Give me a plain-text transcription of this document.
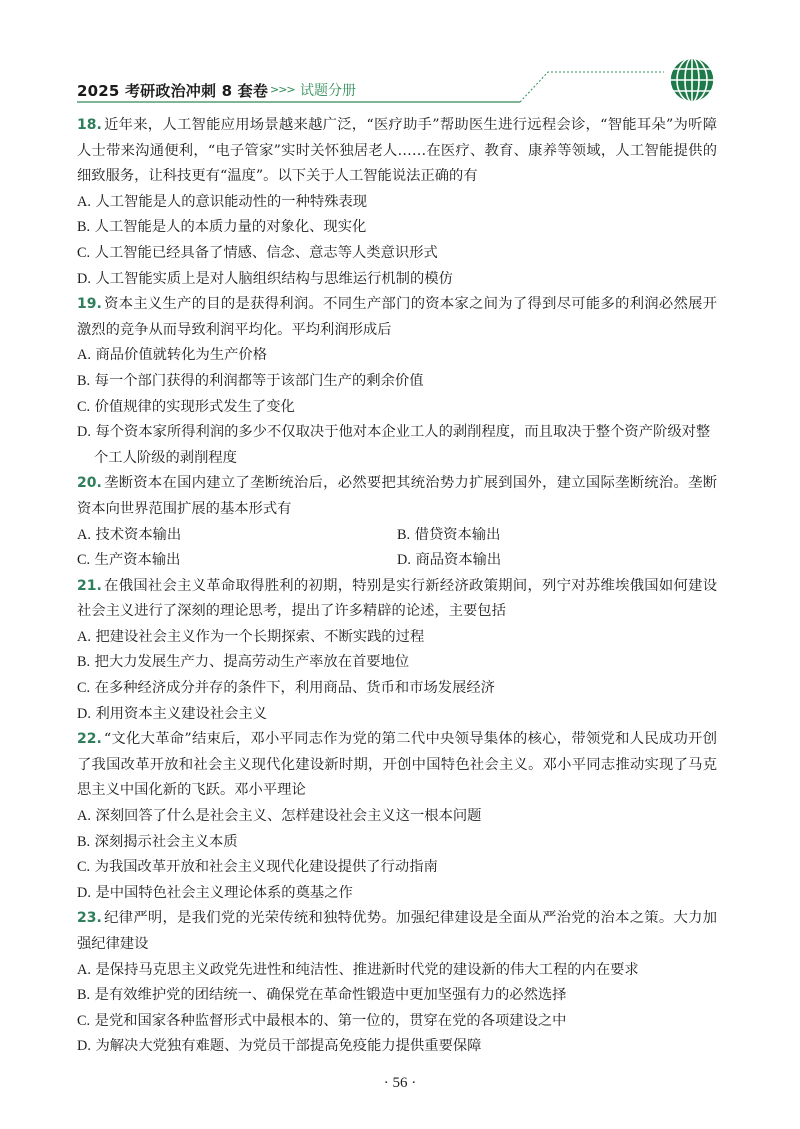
2025 考研政治冲刺 8 套卷 >>> 试题分册
18. 近年来，人工智能应用场景越来越广泛，“医疗助手”帮助医生进行远程会诊，“智能耳朵”为听障人士带来沟通便利，“电子管家”实时关怀独居老人……在医疗、教育、康养等领域，人工智能提供的细致服务，让科技更有“温度”。以下关于人工智能说法正确的有
A. 人工智能是人的意识能动性的一种特殊表现
B. 人工智能是人的本质力量的对象化、现实化
C. 人工智能已经具备了情感、信念、意志等人类意识形式
D. 人工智能实质上是对人脑组织结构与思维运行机制的模仿
19. 资本主义生产的目的是获得利润。不同生产部门的资本家之间为了得到尽可能多的利润必然展开激烈的竞争从而导致利润平均化。平均利润形成后
A. 商品价值就转化为生产价格
B. 每一个部门获得的利润都等于该部门生产的剩余价值
C. 价值规律的实现形式发生了变化
D. 每个资本家所得利润的多少不仅取决于他对本企业工人的剥削程度，而且取决于整个资产阶级对整个工人阶级的剥削程度
20. 垄断资本在国内建立了垄断统治后，必然要把其统治势力扩展到国外，建立国际垄断统治。垄断资本向世界范围扩展的基本形式有
A. 技术资本输出	B. 借贷资本输出
C. 生产资本输出	D. 商品资本输出
21. 在俄国社会主义革命取得胜利的初期，特别是实行新经济政策期间，列宁对苏维埃俄国如何建设社会主义进行了深刻的理论思考，提出了许多精辟的论述，主要包括
A. 把建设社会主义作为一个长期探索、不断实践的过程
B. 把大力发展生产力、提高劳动生产率放在首要地位
C. 在多种经济成分并存的条件下，利用商品、货币和市场发展经济
D. 利用资本主义建设社会主义
22. “文化大革命”结束后，邓小平同志作为党的第二代中央领导集体的核心，带领党和人民成功开创了我国改革开放和社会主义现代化建设新时期，开创中国特色社会主义。邓小平同志推动实现了马克思主义中国化新的飞跃。邓小平理论
A. 深刻回答了什么是社会主义、怎样建设社会主义这一根本问题
B. 深刻揭示社会主义本质
C. 为我国改革开放和社会主义现代化建设提供了行动指南
D. 是中国特色社会主义理论体系的奠基之作
23. 纪律严明，是我们党的光荣传统和独特优势。加强纪律建设是全面从严治党的治本之策。大力加强纪律建设
A. 是保持马克思主义政党先进性和纯洁性、推进新时代党的建设新的伟大工程的内在要求
B. 是有效维护党的团结统一、确保党在革命性锻造中更加坚强有力的必然选择
C. 是党和国家各种监督形式中最根本的、第一位的，贯穿在党的各项建设之中
D. 为解决大党独有难题、为党员干部提高免疫能力提供重要保障
· 56 ·
